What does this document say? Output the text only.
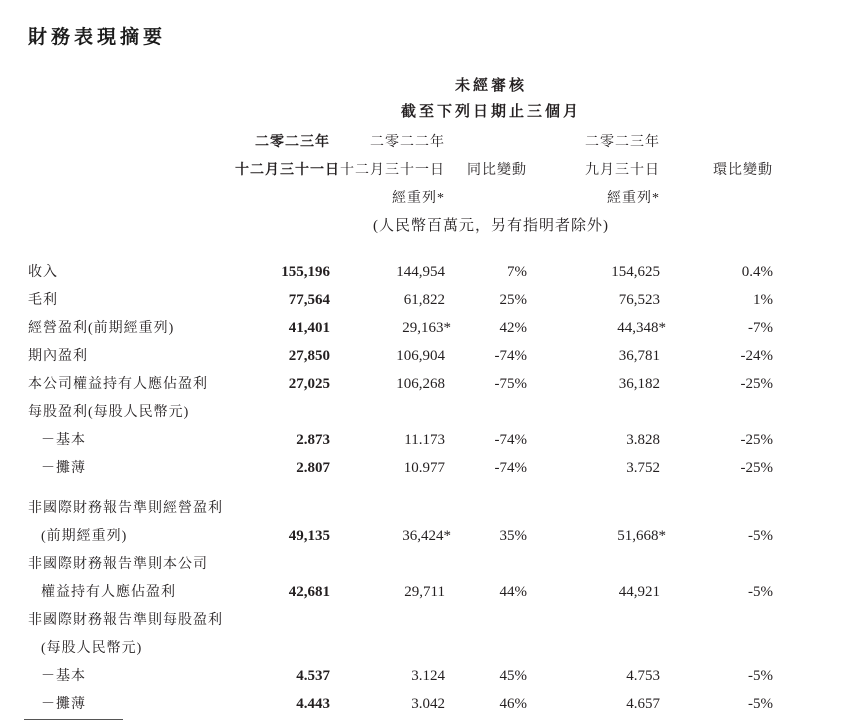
財務表現摘要
	未經審核
	截至下列日期止三個月
	二零二三年	二零二二年		二零二三年	
	十二月三十一日	十二月三十一日	同比變動	九月三十日	環比變動
		經重列*		經重列*	
	(人民幣百萬元，另有指明者除外)

收入	155,196	144,954	7%	154,625	0.4%
毛利	77,564	61,822	25%	76,523	1%
經營盈利(前期經重列)	41,401	29,163*	42%	44,348*	-7%
期內盈利	27,850	106,904	-74%	36,781	-24%
本公司權益持有人應佔盈利	27,025	106,268	-75%	36,182	-25%
每股盈利(每股人民幣元)					
－基本	2.873	11.173	-74%	3.828	-25%
－攤薄	2.807	10.977	-74%	3.752	-25%

非國際財務報告準則經營盈利					
(前期經重列)	49,135	36,424*	35%	51,668*	-5%
非國際財務報告準則本公司					
權益持有人應佔盈利	42,681	29,711	44%	44,921	-5%
非國際財務報告準則每股盈利					
(每股人民幣元)					
－基本	4.537	3.124	45%	4.753	-5%
－攤薄	4.443	3.042	46%	4.657	-5%
